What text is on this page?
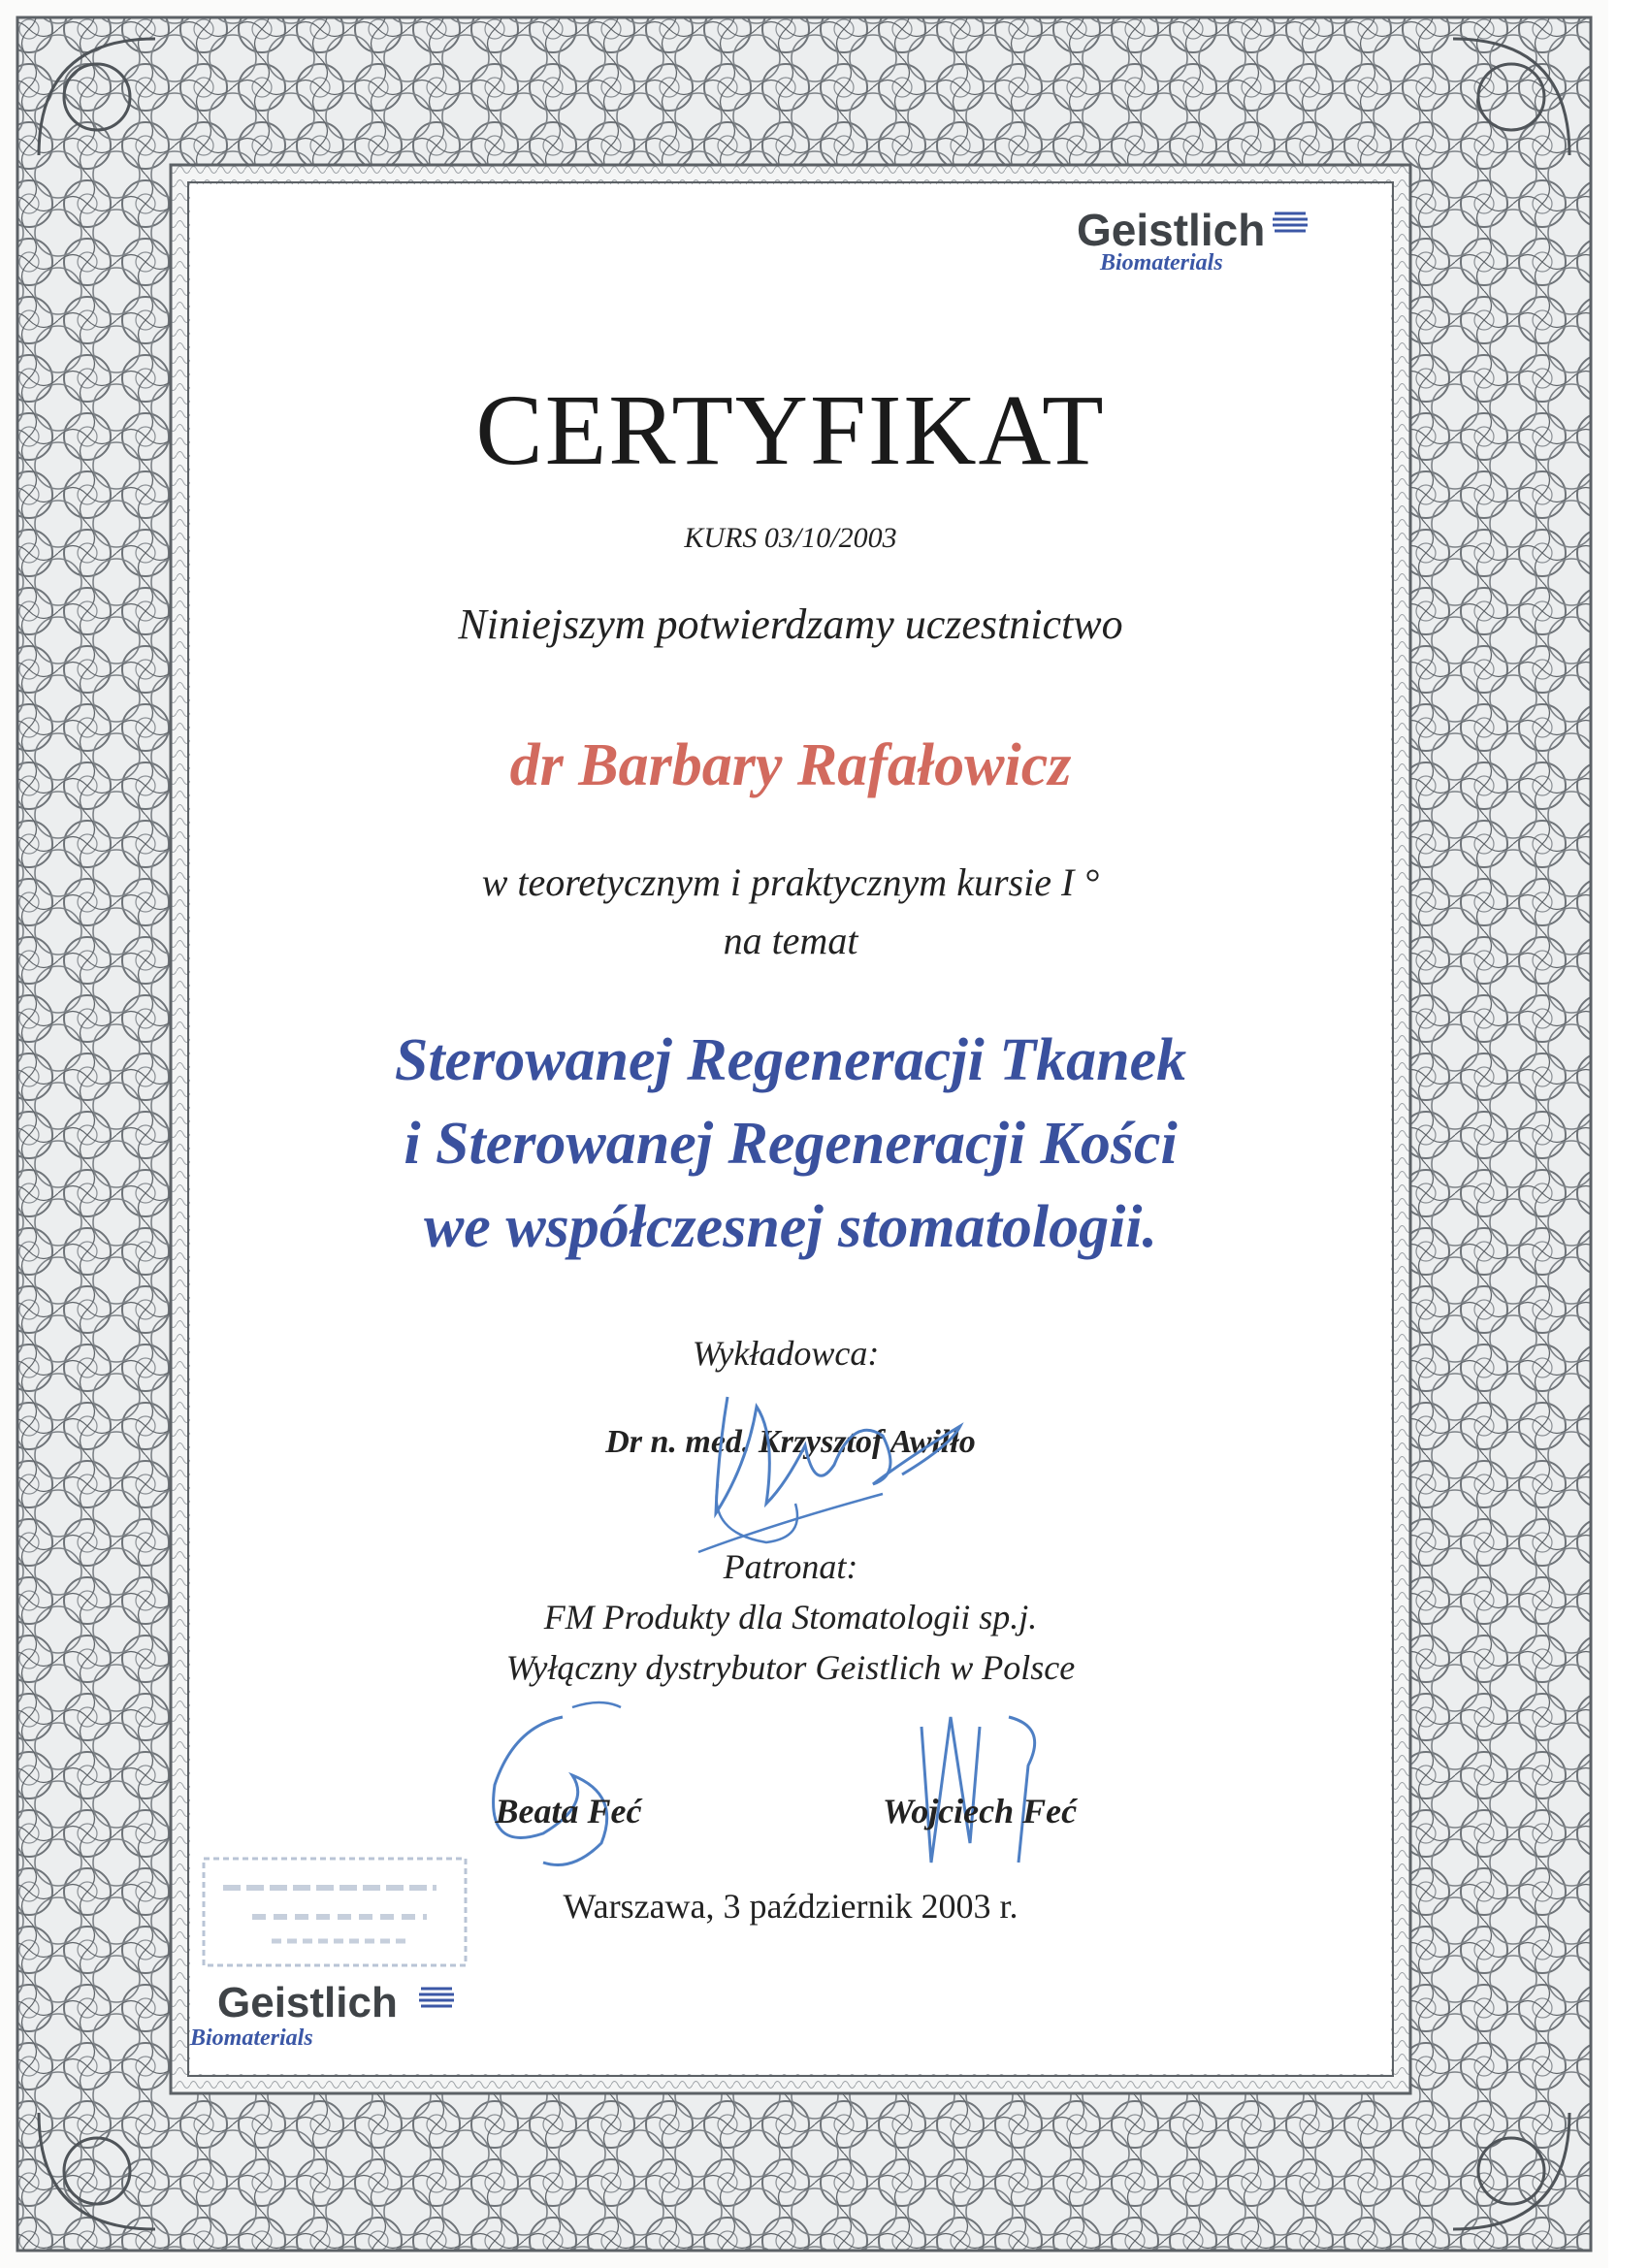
Geistlich
Biomaterials
CERTYFIKAT
KURS 03/10/2003
Niniejszym potwierdzamy uczestnictwo
dr Barbary Rafałowicz
w teoretycznym i praktycznym kursie I °
na temat
Sterowanej Regeneracji Tkanek
i Sterowanej Regeneracji Kości
we współczesnej stomatologii.
Wykładowca:
Dr n. med. Krzysztof Awiłło
Patronat:
FM Produkty dla Stomatologii sp.j.
Wyłączny dystrybutor Geistlich w Polsce
Beata Feć	Wojciech Feć
Warszawa, 3 październik 2003 r.
Geistlich
Biomaterials
